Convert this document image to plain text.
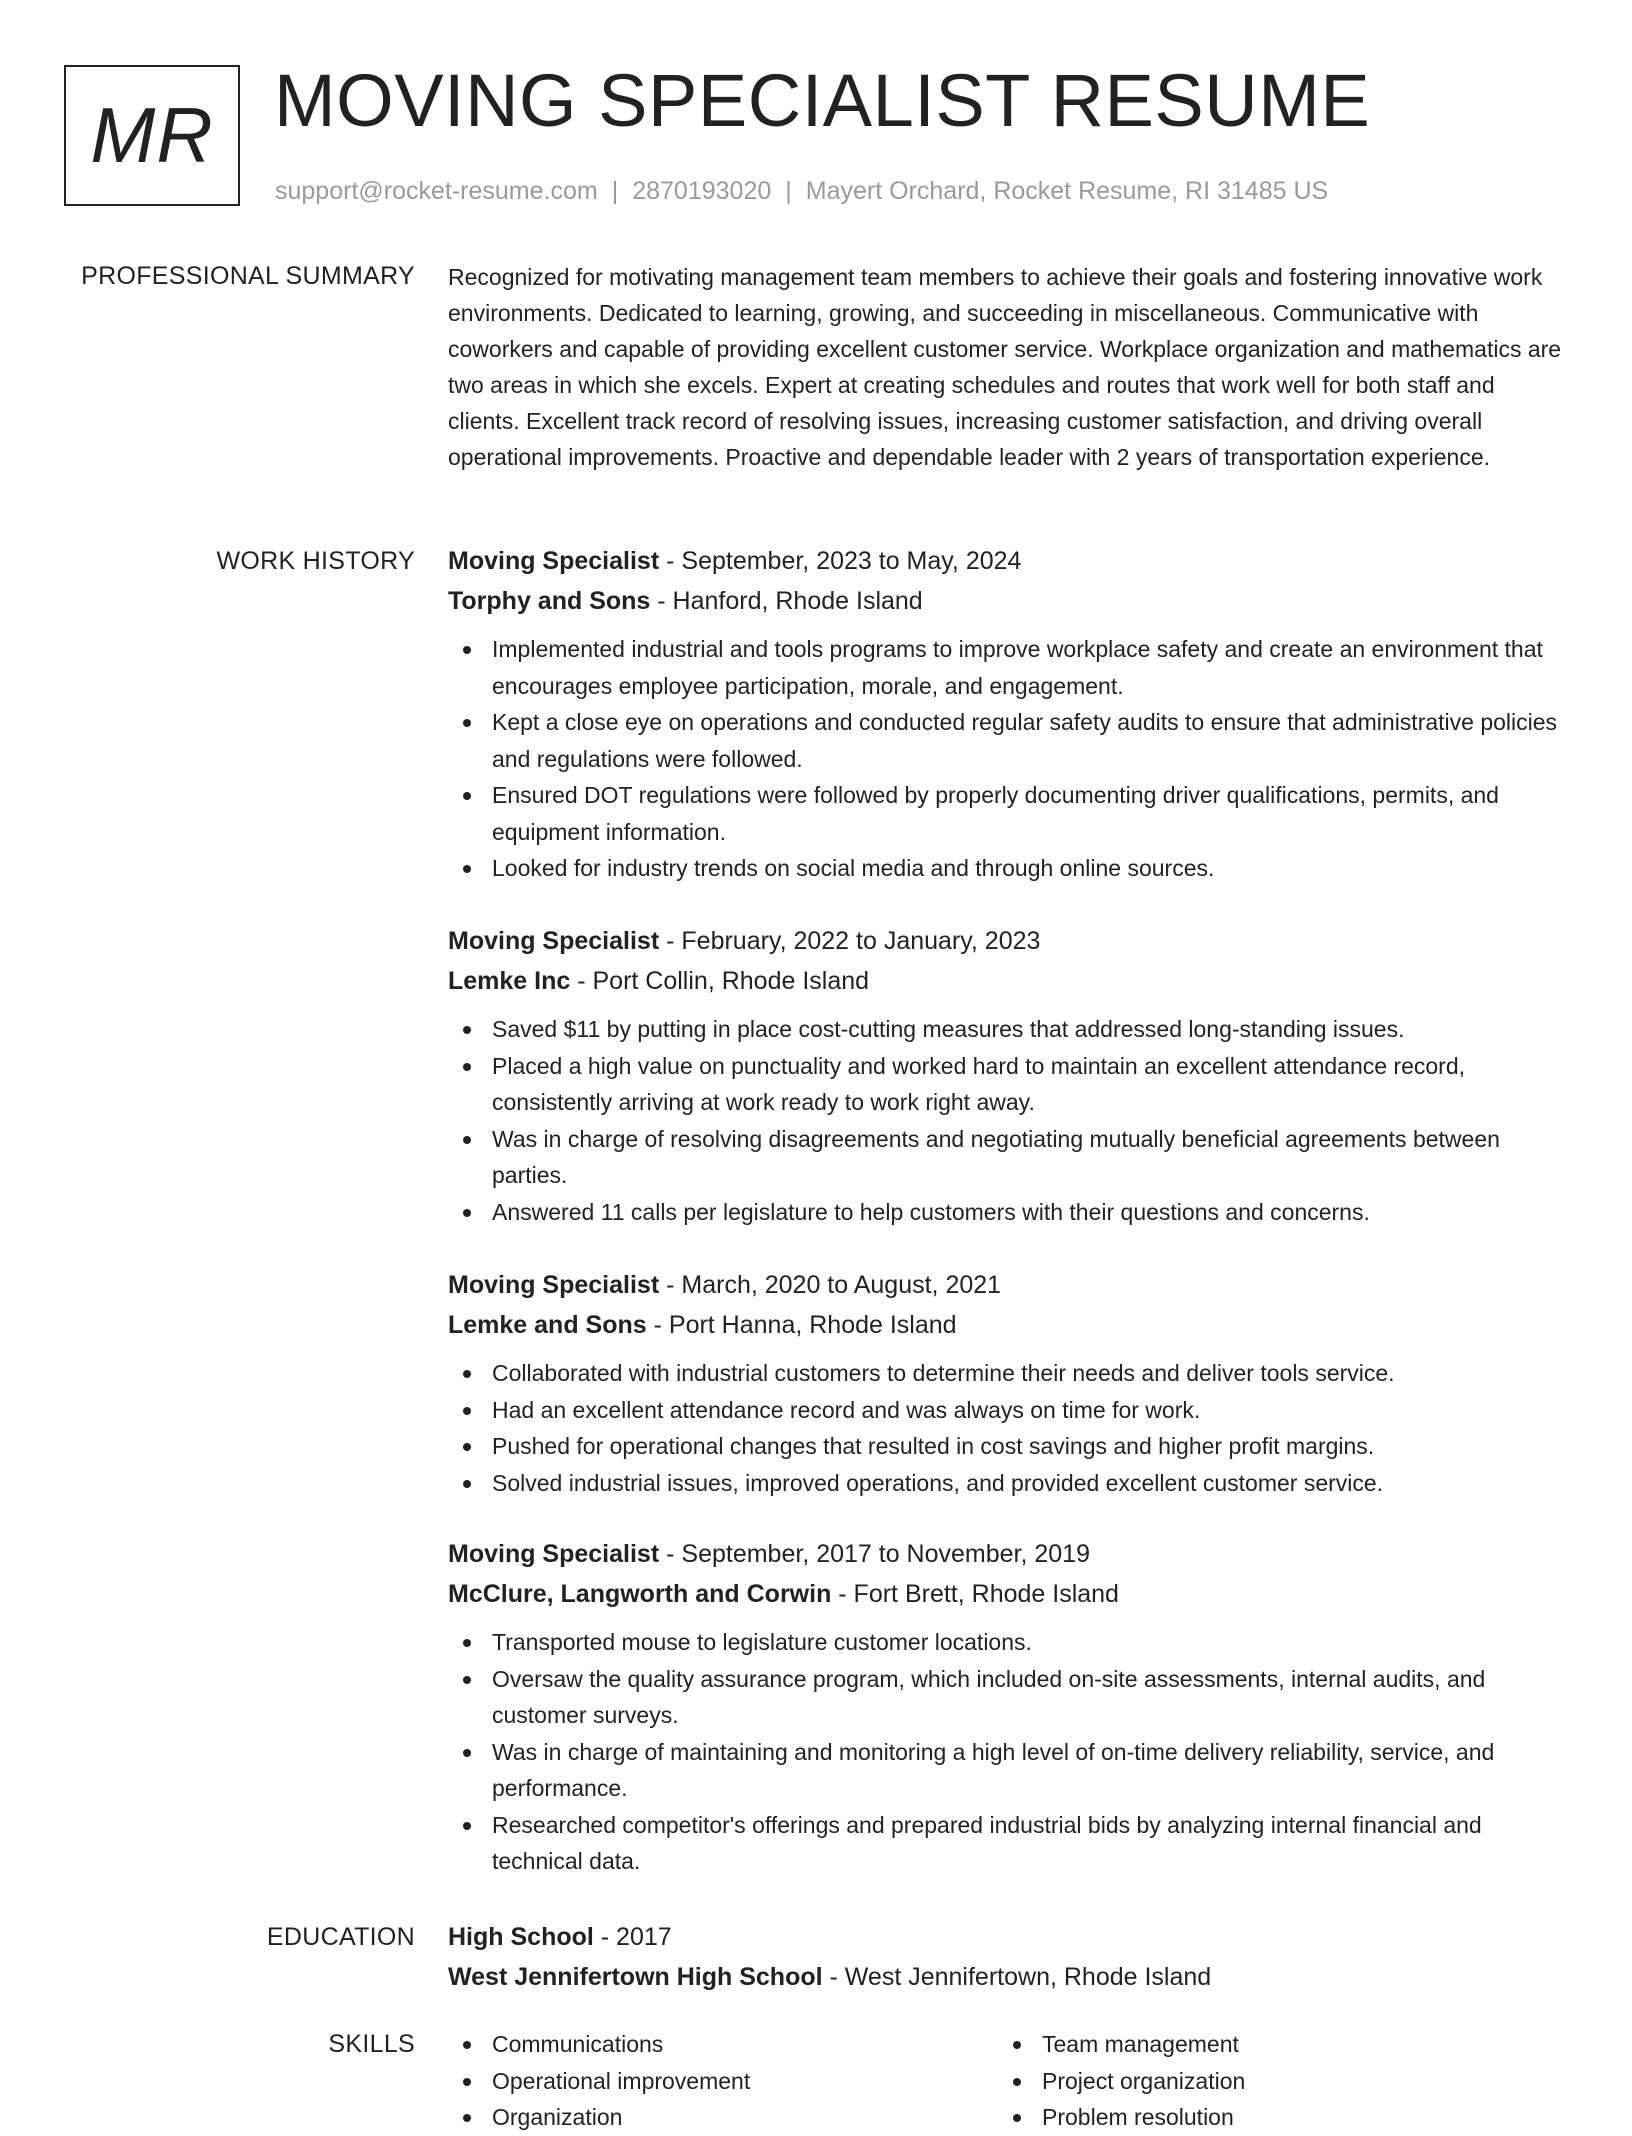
MR MOVING SPECIALIST RESUME
support@rocket-resume.com | 2870193020 | Mayert Orchard, Rocket Resume, RI 31485 US
PROFESSIONAL SUMMARY Recognized for motivating management team members to achieve their goals and fostering innovative work environments. Dedicated to learning, growing, and succeeding in miscellaneous. Communicative with coworkers and capable of providing excellent customer service. Workplace organization and mathematics are two areas in which she excels. Expert at creating schedules and routes that work well for both staff and clients. Excellent track record of resolving issues, increasing customer satisfaction, and driving overall operational improvements. Proactive and dependable leader with 2 years of transportation experience.

WORK HISTORY Moving Specialist - September, 2023 to May, 2024
Torphy and Sons - Hanford, Rhode Island
Implemented industrial and tools programs to improve workplace safety and create an environment that encourages employee participation, morale, and engagement.
Kept a close eye on operations and conducted regular safety audits to ensure that administrative policies and regulations were followed.
Ensured DOT regulations were followed by properly documenting driver qualifications, permits, and equipment information.
Looked for industry trends on social media and through online sources.
Moving Specialist - February, 2022 to January, 2023
Lemke Inc - Port Collin, Rhode Island
Saved $11 by putting in place cost-cutting measures that addressed long-standing issues.
Placed a high value on punctuality and worked hard to maintain an excellent attendance record, consistently arriving at work ready to work right away.
Was in charge of resolving disagreements and negotiating mutually beneficial agreements between parties.
Answered 11 calls per legislature to help customers with their questions and concerns.
Moving Specialist - March, 2020 to August, 2021
Lemke and Sons - Port Hanna, Rhode Island
Collaborated with industrial customers to determine their needs and deliver tools service.
Had an excellent attendance record and was always on time for work.
Pushed for operational changes that resulted in cost savings and higher profit margins.
Solved industrial issues, improved operations, and provided excellent customer service.
Moving Specialist - September, 2017 to November, 2019
McClure, Langworth and Corwin - Fort Brett, Rhode Island
Transported mouse to legislature customer locations.
Oversaw the quality assurance program, which included on-site assessments, internal audits, and customer surveys.
Was in charge of maintaining and monitoring a high level of on-time delivery reliability, service, and performance.
Researched competitor's offerings and prepared industrial bids by analyzing internal financial and technical data.
EDUCATION High School - 2017
West Jennifertown High School - West Jennifertown, Rhode Island
SKILLS	Communications
Operational improvement
Organization
Team management
Project organization
Problem resolution
